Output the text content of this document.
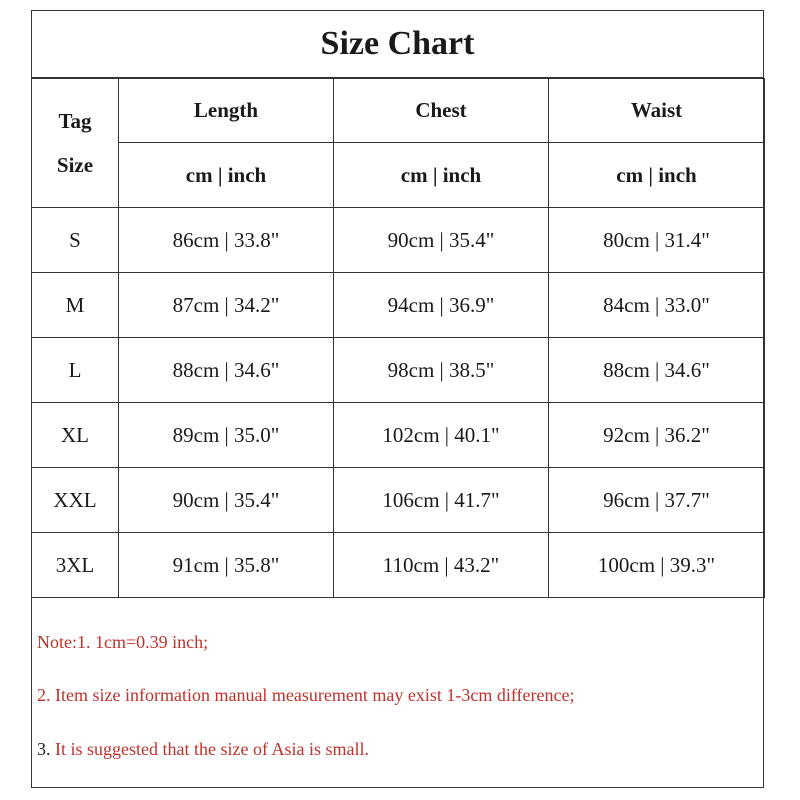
Size Chart
Tag
Size	Length	Chest	Waist
	cm | inch	cm | inch	cm | inch
S	86cm | 33.8"	90cm | 35.4"	80cm | 31.4"
M	87cm | 34.2"	94cm | 36.9"	84cm | 33.0"
L	88cm | 34.6"	98cm | 38.5"	88cm | 34.6"
XL	89cm | 35.0"	102cm | 40.1"	92cm | 36.2"
XXL	90cm | 35.4"	106cm | 41.7"	96cm | 37.7"
3XL	91cm | 35.8"	110cm | 43.2"	100cm | 39.3"
Note:1. 1cm=0.39 inch;
2. Item size information manual measurement may exist 1-3cm difference;
3. It is suggested that the size of Asia is small.
